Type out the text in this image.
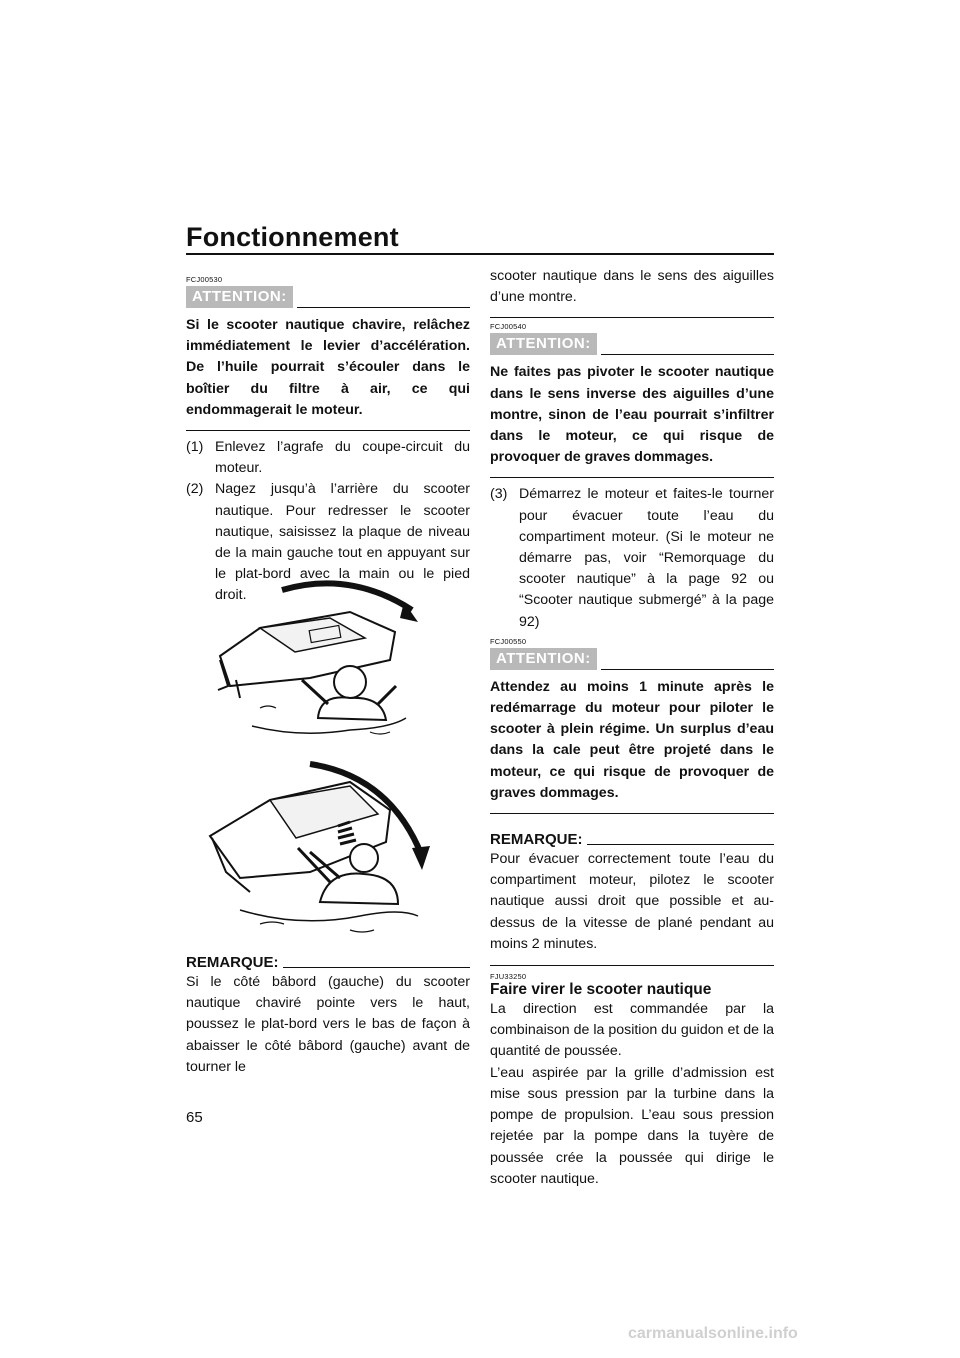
Fonctionnement
65
FCJ00530
ATTENTION:

Si le scooter nautique chavire, relâchez immédiatement le levier d’accélération. De l’huile pourrait s’écouler dans le boîtier du filtre à air, ce qui endommagerait le moteur.

(1) Enlevez l’agrafe du coupe-circuit du moteur.
(2) Nagez jusqu’à l’arrière du scooter nautique. Pour redresser le scooter nautique, saisissez la plaque de niveau de la main gauche tout en appuyant sur le plat-bord avec la main ou le pied droit.
REMARQUE:

Si le côté bâbord (gauche) du scooter nautique chaviré pointe vers le haut, poussez le plat-bord vers le bas de façon à abaisser le côté bâbord (gauche) avant de tourner le

scooter nautique dans le sens des aiguilles d’une montre.

FCJ00540
ATTENTION:

Ne faites pas pivoter le scooter nautique dans le sens inverse des aiguilles d’une montre, sinon de l’eau pourrait s’infiltrer dans le moteur, ce qui risque de provoquer de graves dommages.

(3) Démarrez le moteur et faites-le tourner pour évacuer toute l’eau du compartiment moteur. (Si le moteur ne démarre pas, voir “Remorquage du scooter nautique” à la page 92 ou “Scooter nautique submergé” à la page 92)
FCJ00550
ATTENTION:

Attendez au moins 1 minute après le redémarrage du moteur pour piloter le scooter à plein régime. Un surplus d’eau dans la cale peut être projeté dans le moteur, ce qui risque de provoquer de graves dommages.

REMARQUE:

Pour évacuer correctement toute l’eau du compartiment moteur, pilotez le scooter nautique aussi droit que possible et au-dessus de la vitesse de plané pendant au moins 2 minutes.

FJU33250
Faire virer le scooter nautique

La direction est commandée par la combinaison de la position du guidon et de la quantité de poussée.

L’eau aspirée par la grille d’admission est mise sous pression par la turbine dans la pompe de propulsion. L’eau sous pression rejetée par la pompe dans la tuyère de poussée crée la poussée qui dirige le scooter nautique.

carmanualsonline.info
